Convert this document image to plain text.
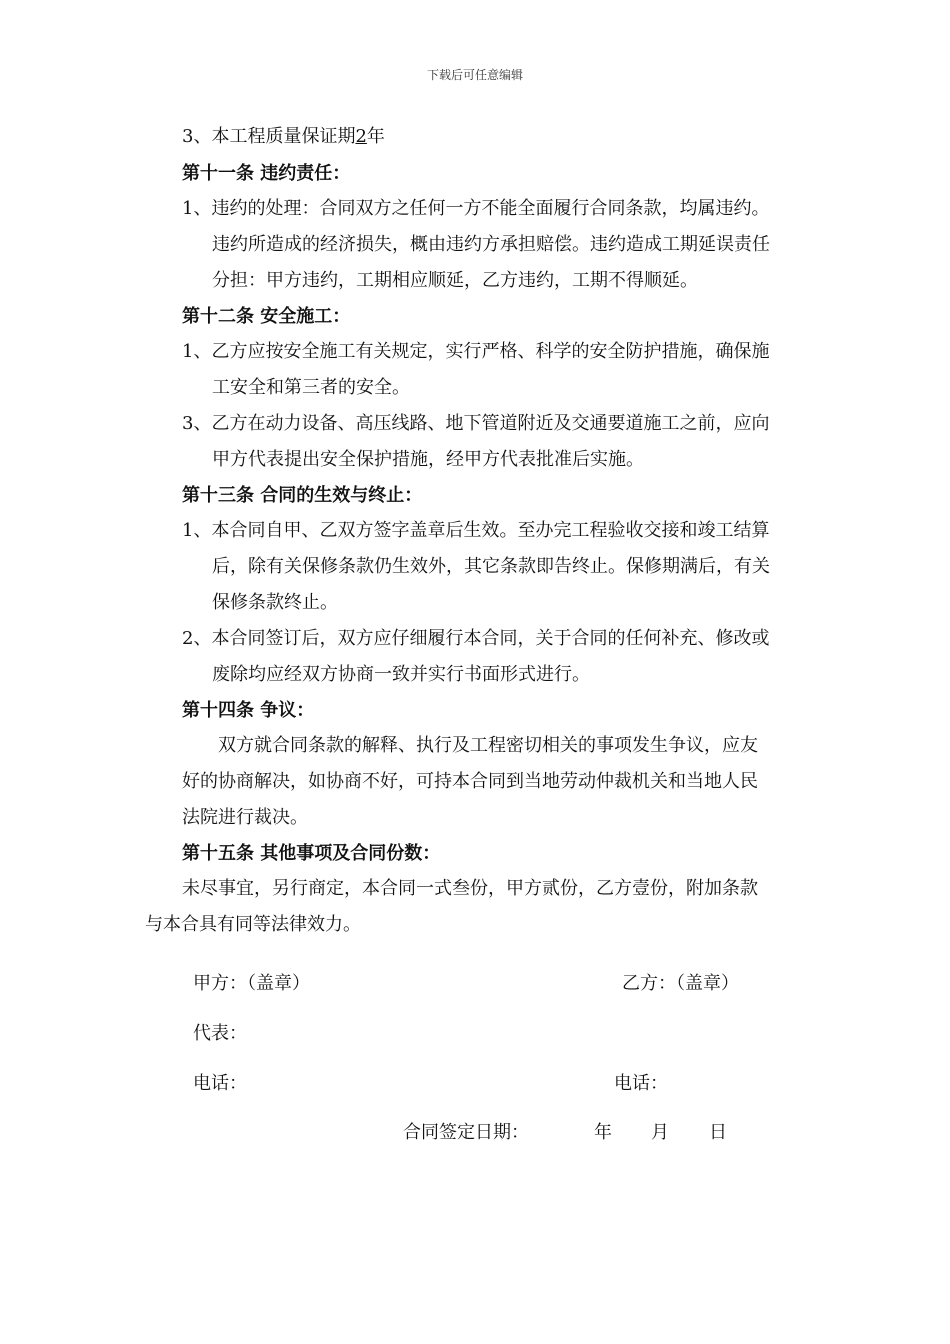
下载后可任意编辑
3、本工程质量保证期2年
第十一条 违约责任：
1、违约的处理：合同双方之任何一方不能全面履行合同条款，均属违约。
违约所造成的经济损失，概由违约方承担赔偿。违约造成工期延误责任
分担：甲方违约，工期相应顺延，乙方违约，工期不得顺延。
第十二条 安全施工：
1、乙方应按安全施工有关规定，实行严格、科学的安全防护措施，确保施
工安全和第三者的安全。
3、乙方在动力设备、高压线路、地下管道附近及交通要道施工之前，应向
甲方代表提出安全保护措施，经甲方代表批准后实施。
第十三条 合同的生效与终止：
1、本合同自甲、乙双方签字盖章后生效。至办完工程验收交接和竣工结算
后，除有关保修条款仍生效外，其它条款即告终止。保修期满后，有关
保修条款终止。
2、本合同签订后，双方应仔细履行本合同，关于合同的任何补充、修改或
废除均应经双方协商一致并实行书面形式进行。
第十四条 争议：
双方就合同条款的解释、执行及工程密切相关的事项发生争议，应友
好的协商解决，如协商不好，可持本合同到当地劳动仲裁机关和当地人民
法院进行裁决。
第十五条 其他事项及合同份数：
未尽事宜，另行商定，本合同一式叁份，甲方贰份，乙方壹份，附加条款
与本合具有同等法律效力。
甲方：（盖章）	乙方：（盖章）
代表：
电话：	电话：
合同签定日期：	年 月 日
